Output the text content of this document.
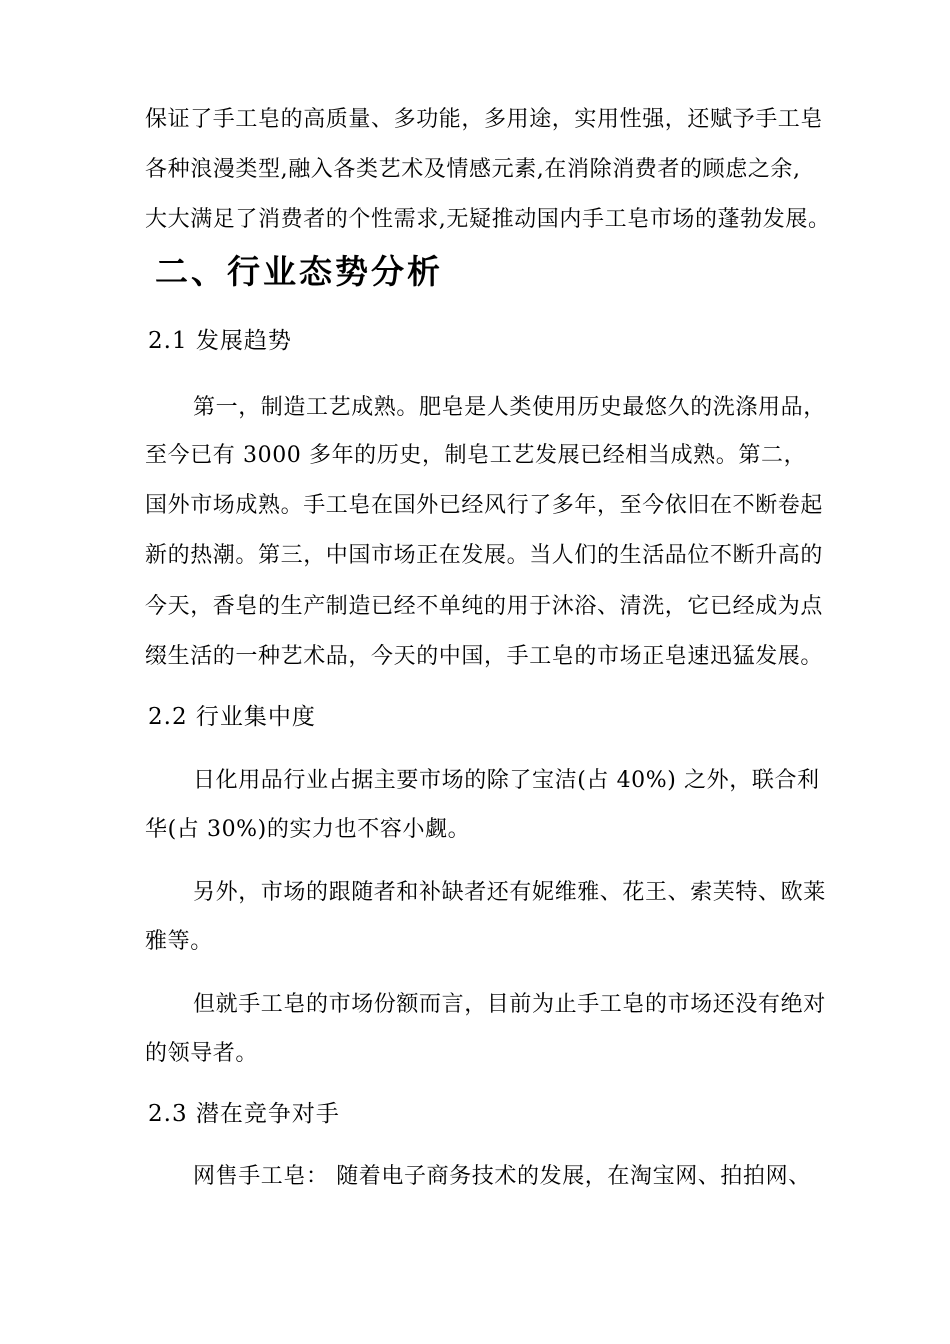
保证了手工皂的高质量、多功能，多用途，实用性强，还赋予手工皂
各种浪漫类型,融入各类艺术及情感元素,在消除消费者的顾虑之余,
大大满足了消费者的个性需求,无疑推动国内手工皂市场的蓬勃发展。
二、行业态势分析
2.1 发展趋势
第一，制造工艺成熟。肥皂是人类使用历史最悠久的洗涤用品，
至今已有 3000 多年的历史，制皂工艺发展已经相当成熟。第二，
国外市场成熟。手工皂在国外已经风行了多年，至今依旧在不断卷起
新的热潮。第三，中国市场正在发展。当人们的生活品位不断升高的
今天，香皂的生产制造已经不单纯的用于沐浴、清洗，它已经成为点
缀生活的一种艺术品，今天的中国，手工皂的市场正皂速迅猛发展。
2.2 行业集中度
日化用品行业占据主要市场的除了宝洁(占 40%) 之外，联合利
华(占 30%)的实力也不容小觑。
另外，市场的跟随者和补缺者还有妮维雅、花王、索芙特、欧莱
雅等。
但就手工皂的市场份额而言，目前为止手工皂的市场还没有绝对
的领导者。
2.3 潜在竞争对手
网售手工皂： 随着电子商务技术的发展，在淘宝网、拍拍网、
